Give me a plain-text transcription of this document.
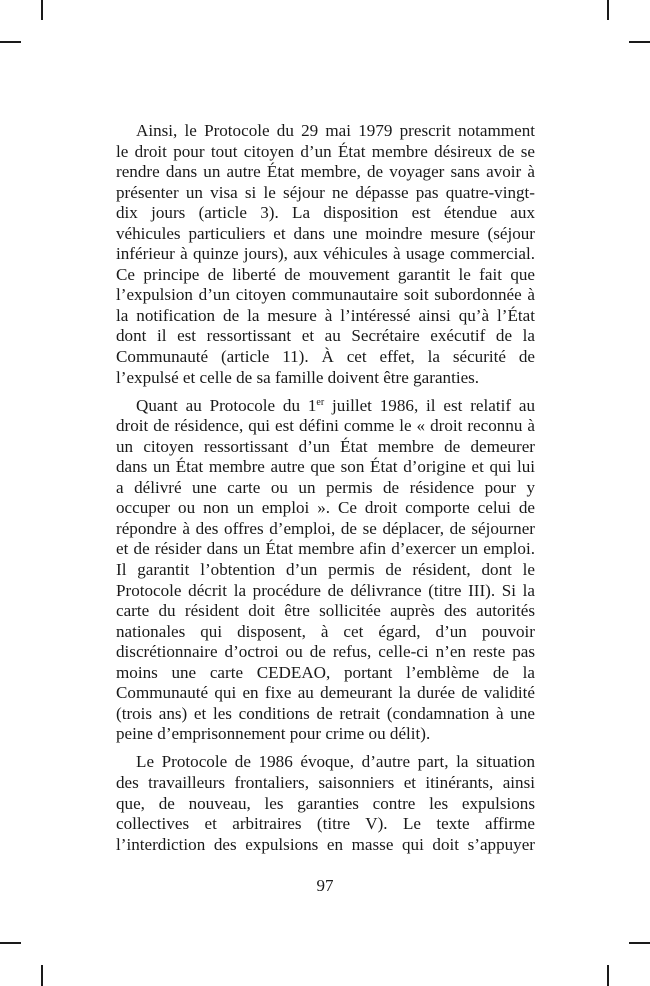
Ainsi, le Protocole du 29 mai 1979 prescrit notamment
le droit pour tout citoyen d’un État membre désireux de se
rendre dans un autre État membre, de voyager sans avoir à
présenter un visa si le séjour ne dépasse pas quatre-vingt-
dix jours (article 3). La disposition est étendue aux
véhicules particuliers et dans une moindre mesure (séjour
inférieur à quinze jours), aux véhicules à usage commercial.
Ce principe de liberté de mouvement garantit le fait que
l’expulsion d’un citoyen communautaire soit subordonnée à
la notification de la mesure à l’intéressé ainsi qu’à l’État
dont il est ressortissant et au Secrétaire exécutif de la
Communauté (article 11). À cet effet, la sécurité de
l’expulsé et celle de sa famille doivent être garanties.

Quant au Protocole du 1er juillet 1986, il est relatif au
droit de résidence, qui est défini comme le « droit reconnu à
un citoyen ressortissant d’un État membre de demeurer
dans un État membre autre que son État d’origine et qui lui
a délivré une carte ou un permis de résidence pour y
occuper ou non un emploi ». Ce droit comporte celui de
répondre à des offres d’emploi, de se déplacer, de séjourner
et de résider dans un État membre afin d’exercer un emploi.
Il garantit l’obtention d’un permis de résident, dont le
Protocole décrit la procédure de délivrance (titre III). Si la
carte du résident doit être sollicitée auprès des autorités
nationales qui disposent, à cet égard, d’un pouvoir
discrétionnaire d’octroi ou de refus, celle-ci n’en reste pas
moins une carte CEDEAO, portant l’emblème de la
Communauté qui en fixe au demeurant la durée de validité
(trois ans) et les conditions de retrait (condamnation à une
peine d’emprisonnement pour crime ou délit).

Le Protocole de 1986 évoque, d’autre part, la situation
des travailleurs frontaliers, saisonniers et itinérants, ainsi
que, de nouveau, les garanties contre les expulsions
collectives et arbitraires (titre V). Le texte affirme
l’interdiction des expulsions en masse qui doit s’appuyer

97
